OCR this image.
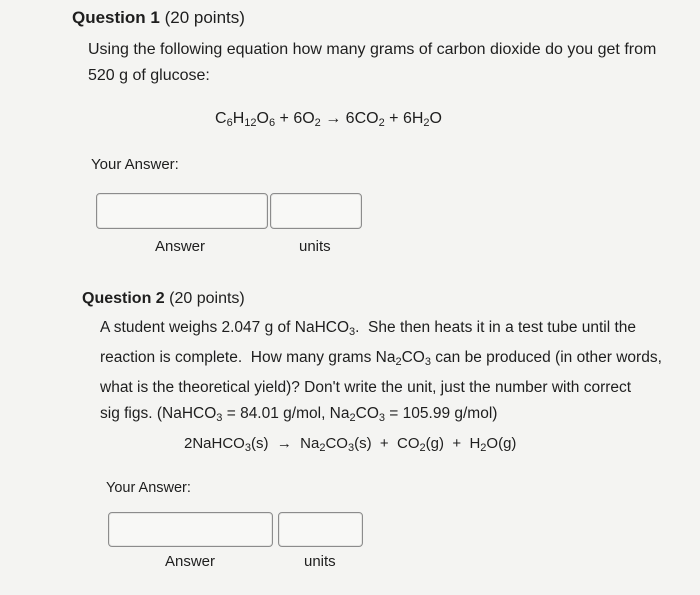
Question 1 (20 points)
Using the following equation how many grams of carbon dioxide do you get from
520 g of glucose:
$C_6H_{12}O_6 + 6O_2 \to 6CO_2 + 6H_2O$
Your Answer:
Answer	units
Question 2 (20 points)
A student weighs 2.047 g of NaHCO$_3$.  She then heats it in a test tube until the
reaction is complete.  How many grams $Na_2CO_3$ can be produced (in other words,
what is the theoretical yield)? Don't write the unit, just the number with correct
sig figs. (NaHCO$_3$ = 84.01 g/mol, $Na_2CO_3 = 105.99$ g/mol)
2NaHCO$_3$(s)  →  $Na_2CO_3(s) + CO_2(g) + H_2O(g)$
Your Answer:
Answer	units
